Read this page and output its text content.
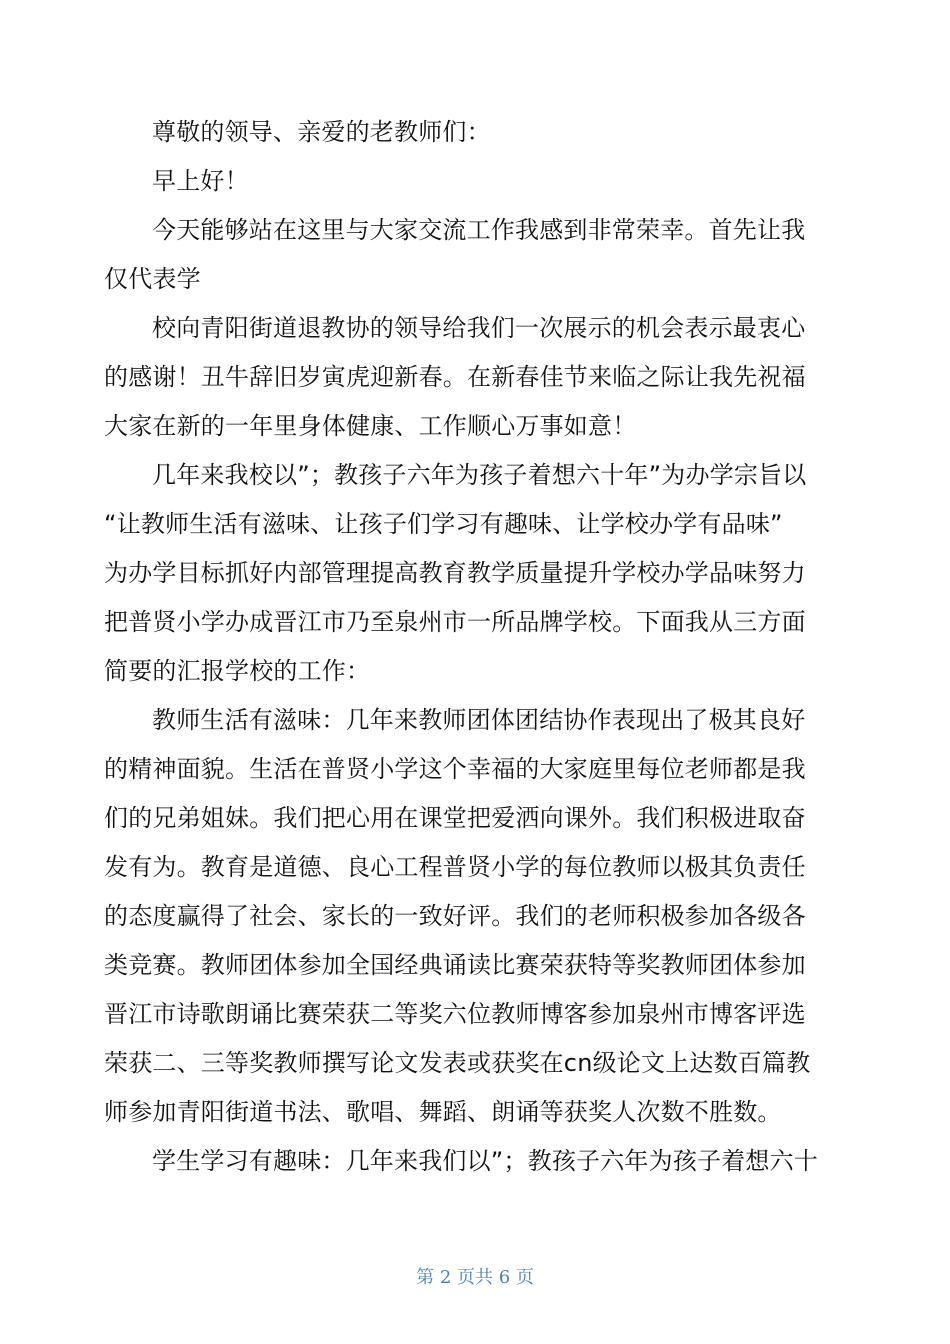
尊敬的领导、亲爱的老教师们：
早上好！
今天能够站在这里与大家交流工作我感到非常荣幸。首先让我
仅代表学
校向青阳街道退教协的领导给我们一次展示的机会表示最衷心
的感谢！丑牛辞旧岁寅虎迎新春。在新春佳节来临之际让我先祝福
大家在新的一年里身体健康、工作顺心万事如意！
几年来我校以”；教孩子六年为孩子着想六十年”为办学宗旨以
“让教师生活有滋味、让孩子们学习有趣味、让学校办学有品味”
为办学目标抓好内部管理提高教育教学质量提升学校办学品味努力
把普贤小学办成晋江市乃至泉州市一所品牌学校。下面我从三方面
简要的汇报学校的工作：
教师生活有滋味：几年来教师团体团结协作表现出了极其良好
的精神面貌。生活在普贤小学这个幸福的大家庭里每位老师都是我
们的兄弟姐妹。我们把心用在课堂把爱洒向课外。我们积极进取奋
发有为。教育是道德、良心工程普贤小学的每位教师以极其负责任
的态度赢得了社会、家长的一致好评。我们的老师积极参加各级各
类竞赛。教师团体参加全国经典诵读比赛荣获特等奖教师团体参加
晋江市诗歌朗诵比赛荣获二等奖六位教师博客参加泉州市博客评选
荣获二、三等奖教师撰写论文发表或获奖在cn级论文上达数百篇教
师参加青阳街道书法、歌唱、舞蹈、朗诵等获奖人次数不胜数。
学生学习有趣味：几年来我们以”；教孩子六年为孩子着想六十
第 2 页共 6 页
